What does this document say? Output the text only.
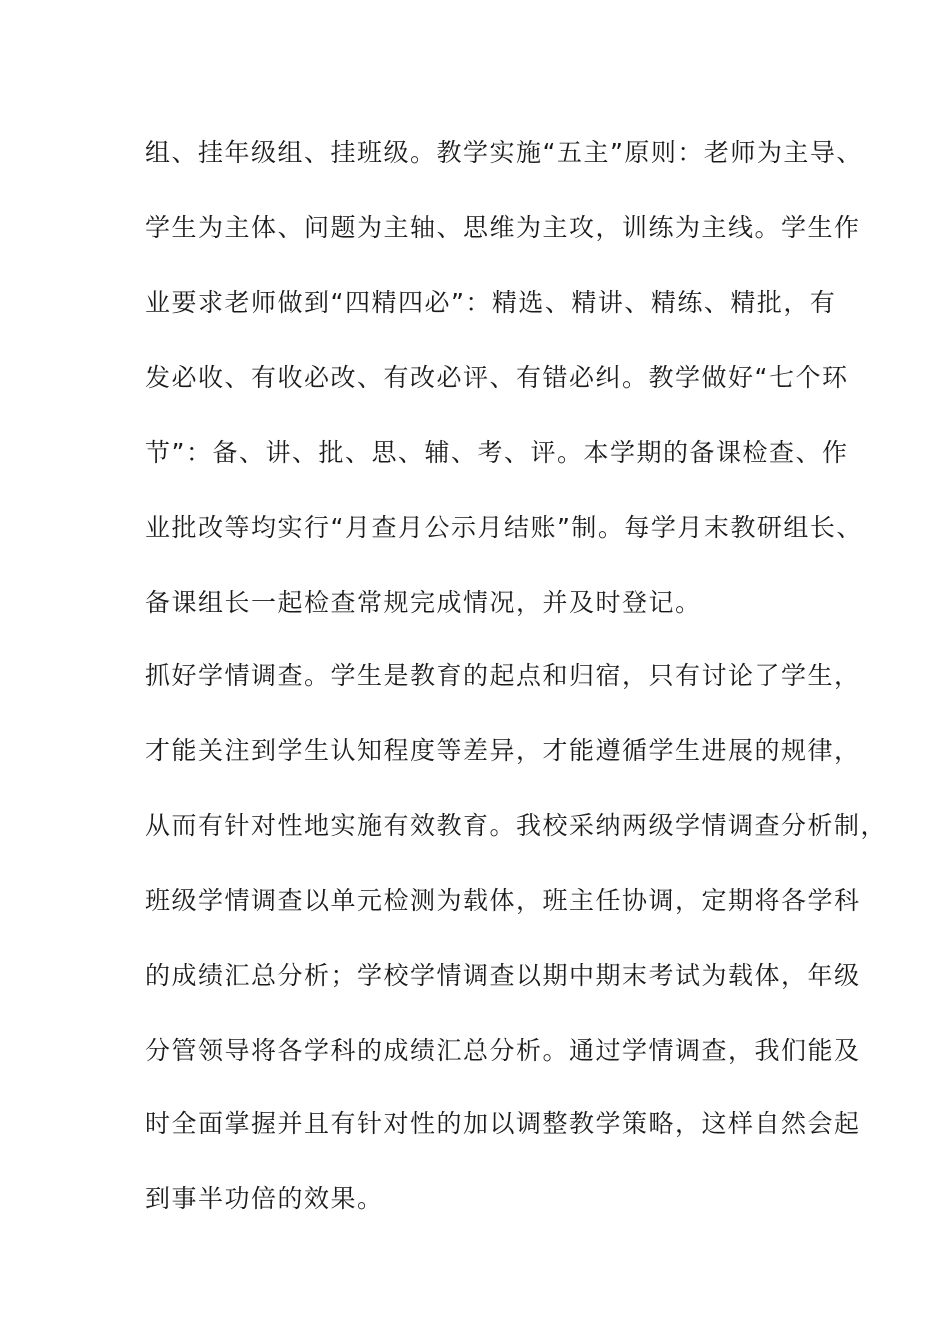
组、挂年级组、挂班级。教学实施“五主”原则：老师为主导、
学生为主体、问题为主轴、思维为主攻，训练为主线。学生作
业要求老师做到“四精四必”：精选、精讲、精练、精批，有
发必收、有收必改、有改必评、有错必纠。教学做好“七个环
节”：备、讲、批、思、辅、考、评。本学期的备课检查、作
业批改等均实行“月查月公示月结账”制。每学月末教研组长、
备课组长一起检查常规完成情况，并及时登记。
抓好学情调查。学生是教育的起点和归宿，只有讨论了学生，
才能关注到学生认知程度等差异，才能遵循学生进展的规律，
从而有针对性地实施有效教育。我校采纳两级学情调查分析制，
班级学情调查以单元检测为载体，班主任协调，定期将各学科
的成绩汇总分析；学校学情调查以期中期末考试为载体，年级
分管领导将各学科的成绩汇总分析。通过学情调查，我们能及
时全面掌握并且有针对性的加以调整教学策略，这样自然会起
到事半功倍的效果。
